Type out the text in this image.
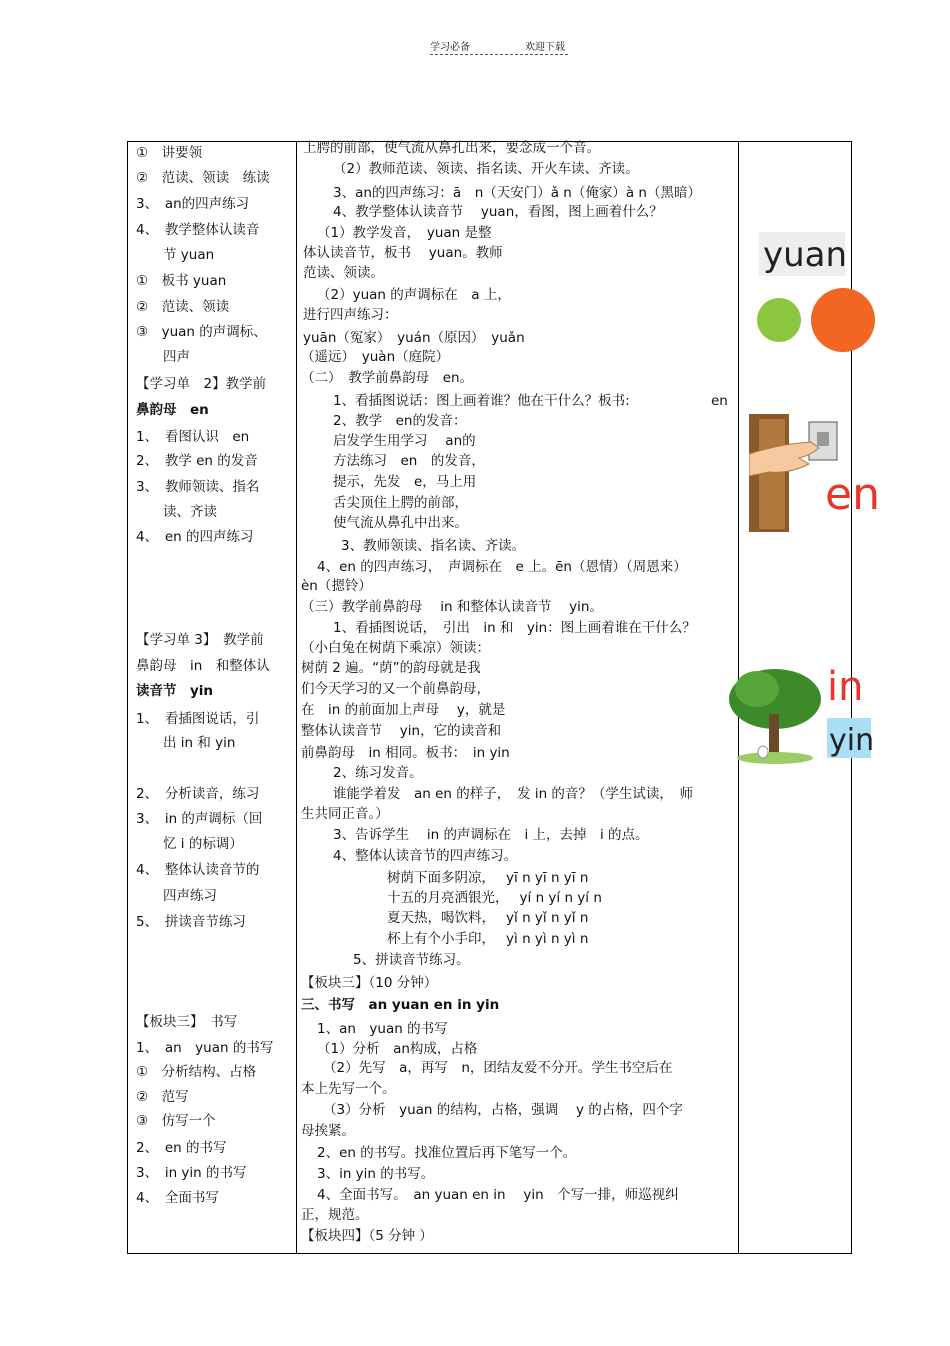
学习必备	欢迎下载
①　讲要领
②　范读、领读　练读
3、　an的四声练习
4、　教学整体认读音
　　节 yuan
①　板书 yuan
②　范读、领读
③　yuan 的声调标、
　　四声
【学习单　2】教学前
鼻韵母　en
1、　看图认识　en
2、　教学 en 的发音
3、　教师领读、指名
　　读、齐读
4、　en 的四声练习
【学习单 3】　教学前
鼻韵母　in　和整体认
读音节　yin
1、　看插图说话，引
　　出 in 和 yin
2、　分析读音，练习
3、　in 的声调标（回
　　忆 i 的标调）
4、　整体认读音节的
　　四声练习
5、　拼读音节练习
【板块三】　书写
1、　an　yuan 的书写
①　分析结构、占格
②　范写
③　仿写一个
2、　en 的书写
3、　in yin 的书写
4、　全面书写
上腭的前部，使气流从鼻孔出来，要念成一个音。
（2）教师范读、领读、指名读、开火车读、齐读。
3、an的四声练习：ā　n（天安门）ǎ n（俺家）à n（黑暗）
4、教学整体认读音节　 yuan，看图，图上画着什么？
（1）教学发音，　yuan 是整
体认读音节，板书　 yuan。教师
范读、领读。
（2）yuan 的声调标在　a 上，
进行四声练习：
yuān（冤家）　yuán（原因）　yuǎn
（遥远）　yuàn（庭院）
（二）　教学前鼻韵母　en。
1、看插图说话：图上画着谁？他在干什么？板书:	en
2、教学　en的发音：
启发学生用学习　 an的
方法练习　en　的发音，
提示，先发　e，马上用
舌尖顶住上腭的前部，
使气流从鼻孔中出来。
3、教师领读、指名读、齐读。
4、en 的四声练习，　声调标在　e 上。ēn（恩情）（周恩来）
èn（摁铃）
（三）教学前鼻韵母　 in 和整体认读音节　 yin。
1、看插图说话，　引出　in 和　yin：图上画着谁在干什么？
（小白兔在树荫下乘凉）领读：
树荫 2 遍。“荫”的韵母就是我
们今天学习的又一个前鼻韵母，
在　in 的前面加上声母　 y，就是
整体认读音节　 yin，它的读音和
前鼻韵母　in 相同。板书：　in yin
2、练习发音。
谁能学着发　an en 的样子，　发 in 的音？（学生试读，　师
生共同正音。）
3、告诉学生　 in 的声调标在　i 上，去掉　i 的点。
4、整体认读音节的四声练习。
树荫下面多阴凉，　 yī n yī n yī n
十五的月亮洒银光，　 yí n yí n yí n
夏天热，喝饮料，　 yǐ n yǐ n yǐ n
杯上有个小手印，　 yì n yì n yì n
5、拼读音节练习。
【板块三】（10 分钟）
三、书写　an yuan en in yin
1、an　yuan 的书写
（1）分析　an构成，占格
（2）先写　a，再写　n，团结友爱不分开。学生书空后在
本上先写一个。
（3）分析　yuan 的结构，占格，强调　 y 的占格，四个字
母挨紧。
2、en 的书写。找准位置后再下笔写一个。
3、in yin 的书写。
4、全面书写。　an yuan en in　 yin　个写一排，师巡视纠
正，规范。
【板块四】（5 分钟 ）
yuan
en
in
yin
